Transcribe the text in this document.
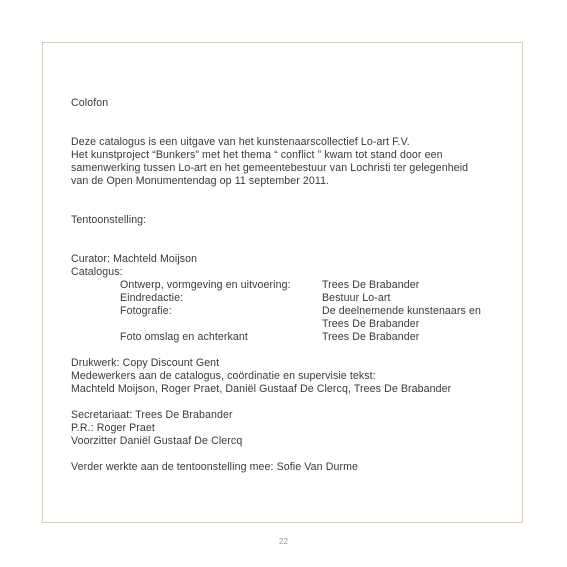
Colofon
Deze catalogus is een uitgave van het kunstenaarscollectief Lo-art F.V.
Het kunstproject “Bunkers” met het thema “ conflict ” kwam tot stand door een
samenwerking tussen Lo-art en het gemeentebestuur van Lochristi ter gelegenheid
van de Open Monumentendag op 11 september 2011.
Tentoonstelling:
Curator: Machteld Moijson
Catalogus:
Ontwerp, vormgeving en uitvoering:	Trees De Brabander
Eindredactie:	Bestuur Lo-art
Fotografie:	De deelnemende kunstenaars en
Trees De Brabander
Foto omslag en achterkant	Trees De Brabander
Drukwerk: Copy Discount Gent
Medewerkers aan de catalogus, coördinatie en supervisie tekst:
Machteld Moijson, Roger Praet, Daniël Gustaaf De Clercq, Trees De Brabander
Secretariaat: Trees De Brabander
P.R.: Roger Praet
Voorzitter Daniël Gustaaf De Clercq
Verder werkte aan de tentoonstelling mee: Sofie Van Durme
22
